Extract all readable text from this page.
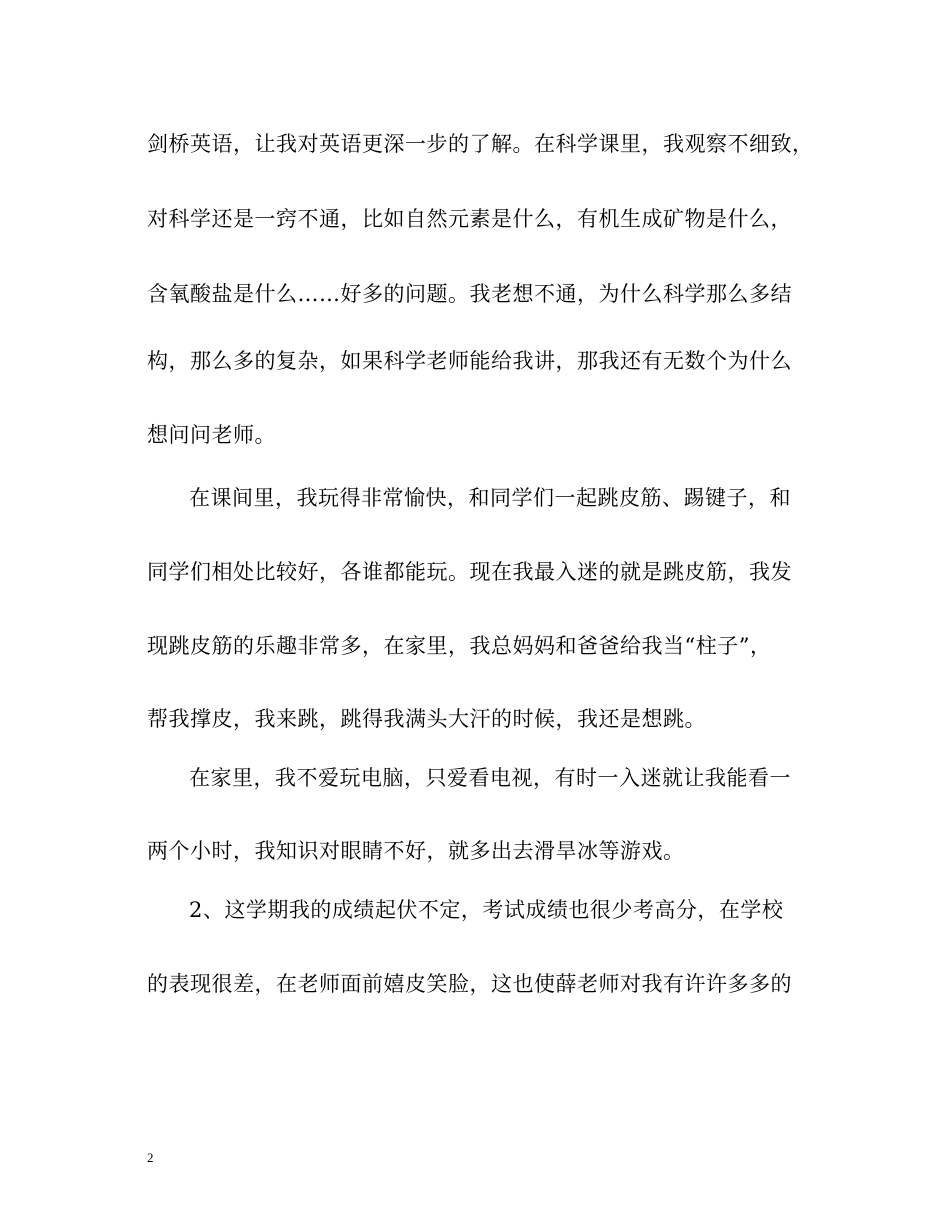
剑桥英语，让我对英语更深一步的了解。在科学课里，我观察不细致，
对科学还是一窍不通，比如自然元素是什么，有机生成矿物是什么，
含氧酸盐是什么……好多的问题。我老想不通，为什么科学那么多结
构，那么多的复杂，如果科学老师能给我讲，那我还有无数个为什么
想问问老师。
在课间里，我玩得非常愉快，和同学们一起跳皮筋、踢键子，和
同学们相处比较好，各谁都能玩。现在我最入迷的就是跳皮筋，我发
现跳皮筋的乐趣非常多，在家里，我总妈妈和爸爸给我当“柱子”，
帮我撑皮，我来跳，跳得我满头大汗的时候，我还是想跳。
在家里，我不爱玩电脑，只爱看电视，有时一入迷就让我能看一
两个小时，我知识对眼睛不好，就多出去滑旱冰等游戏。
2、这学期我的成绩起伏不定，考试成绩也很少考高分，在学校
的表现很差，在老师面前嬉皮笑脸，这也使薛老师对我有许许多多的
2
